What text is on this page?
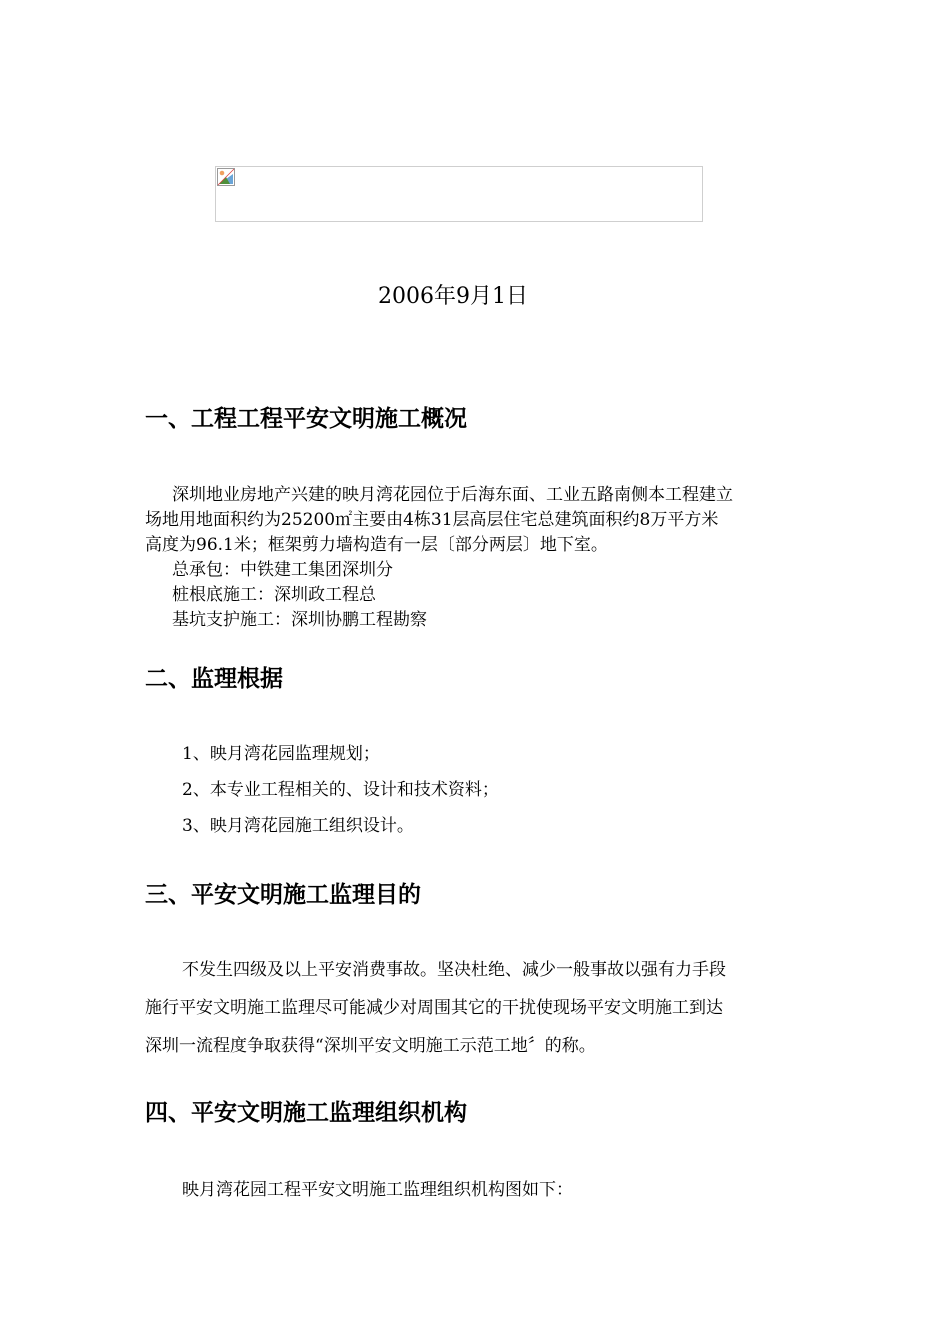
2006年9月1日
一、工程工程平安文明施工概况
深圳地业房地产兴建的映月湾花园位于后海东面、工业五路南侧本工程建立
场地用地面积约为25200㎡主要由4栋31层高层住宅总建筑面积约8万平方米
高度为96.1米；框架剪力墙构造有一层〔部分两层〕地下室。
总承包：中铁建工集团深圳分
桩根底施工：深圳政工程总
基坑支护施工：深圳协鹏工程勘察
二、监理根据
1、映月湾花园监理规划；
2、本专业工程相关的、设计和技术资料；
3、映月湾花园施工组织设计。
三、平安文明施工监理目的
不发生四级及以上平安消费事故。坚决杜绝、减少一般事故以强有力手段
施行平安文明施工监理尽可能减少对周围其它的干扰使现场平安文明施工到达
深圳一流程度争取获得“深圳平安文明施工示范工地〞的称。
四、平安文明施工监理组织机构
映月湾花园工程平安文明施工监理组织机构图如下：
